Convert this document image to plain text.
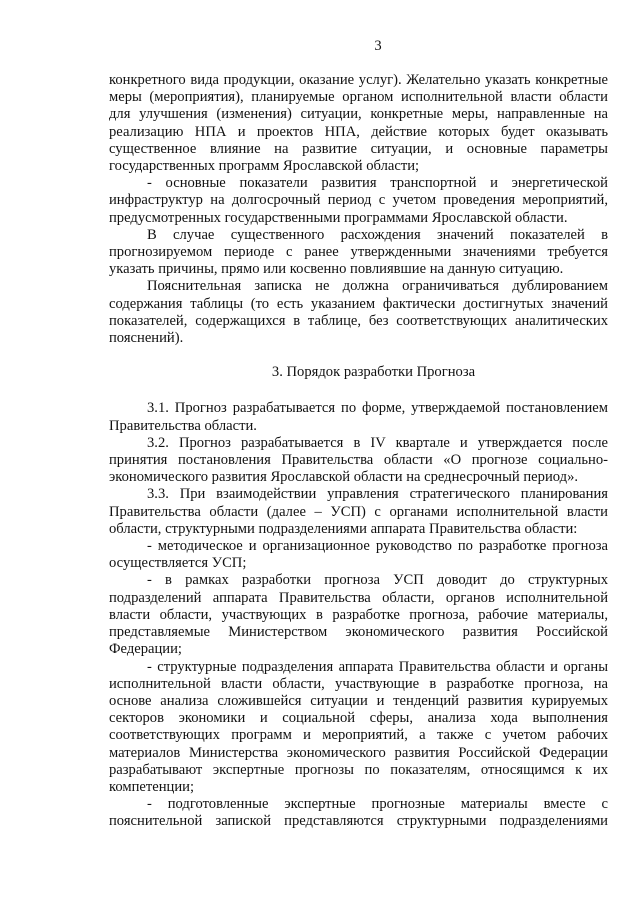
3

конкретного вида продукции, оказание услуг). Желательно указать конкретные меры (мероприятия), планируемые органом исполнительной власти области для улучшения (изменения) ситуации, конкретные меры, направленные на реализацию НПА и проектов НПА, действие которых будет оказывать существенное влияние на развитие ситуации, и основные параметры государственных программ Ярославской области;

- основные показатели развития транспортной и энергетической инфраструктур на долгосрочный период с учетом проведения мероприятий, предусмотренных государственными программами Ярославской области.

В случае существенного расхождения значений показателей в прогнозируемом периоде с ранее утвержденными значениями требуется указать причины, прямо или косвенно повлиявшие на данную ситуацию.

Пояснительная записка не должна ограничиваться дублированием содержания таблицы (то есть указанием фактически достигнутых значений показателей, содержащихся в таблице, без соответствующих аналитических пояснений).

3. Порядок разработки Прогноза

3.1. Прогноз разрабатывается по форме, утверждаемой постановлением Правительства области.

3.2. Прогноз разрабатывается в IV квартале и утверждается после принятия постановления Правительства области «О прогнозе социально-экономического развития Ярославской области на среднесрочный период».

3.3. При взаимодействии управления стратегического планирования Правительства области (далее – УСП) с органами исполнительной власти области, структурными подразделениями аппарата Правительства области:

- методическое и организационное руководство по разработке прогноза осуществляется УСП;

- в рамках разработки прогноза УСП доводит до структурных подразделений аппарата Правительства области, органов исполнительной власти области, участвующих в разработке прогноза, рабочие материалы, представляемые Министерством экономического развития Российской Федерации;

- структурные подразделения аппарата Правительства области и органы исполнительной власти области, участвующие в разработке прогноза, на основе анализа сложившейся ситуации и тенденций развития курируемых секторов экономики и социальной сферы, анализа хода выполнения соответствующих программ и мероприятий, а также с учетом рабочих материалов Министерства экономического развития Российской Федерации разрабатывают экспертные прогнозы по показателям, относящимся к их компетенции;

- подготовленные экспертные прогнозные материалы вместе с пояснительной запиской представляются структурными подразделениями
